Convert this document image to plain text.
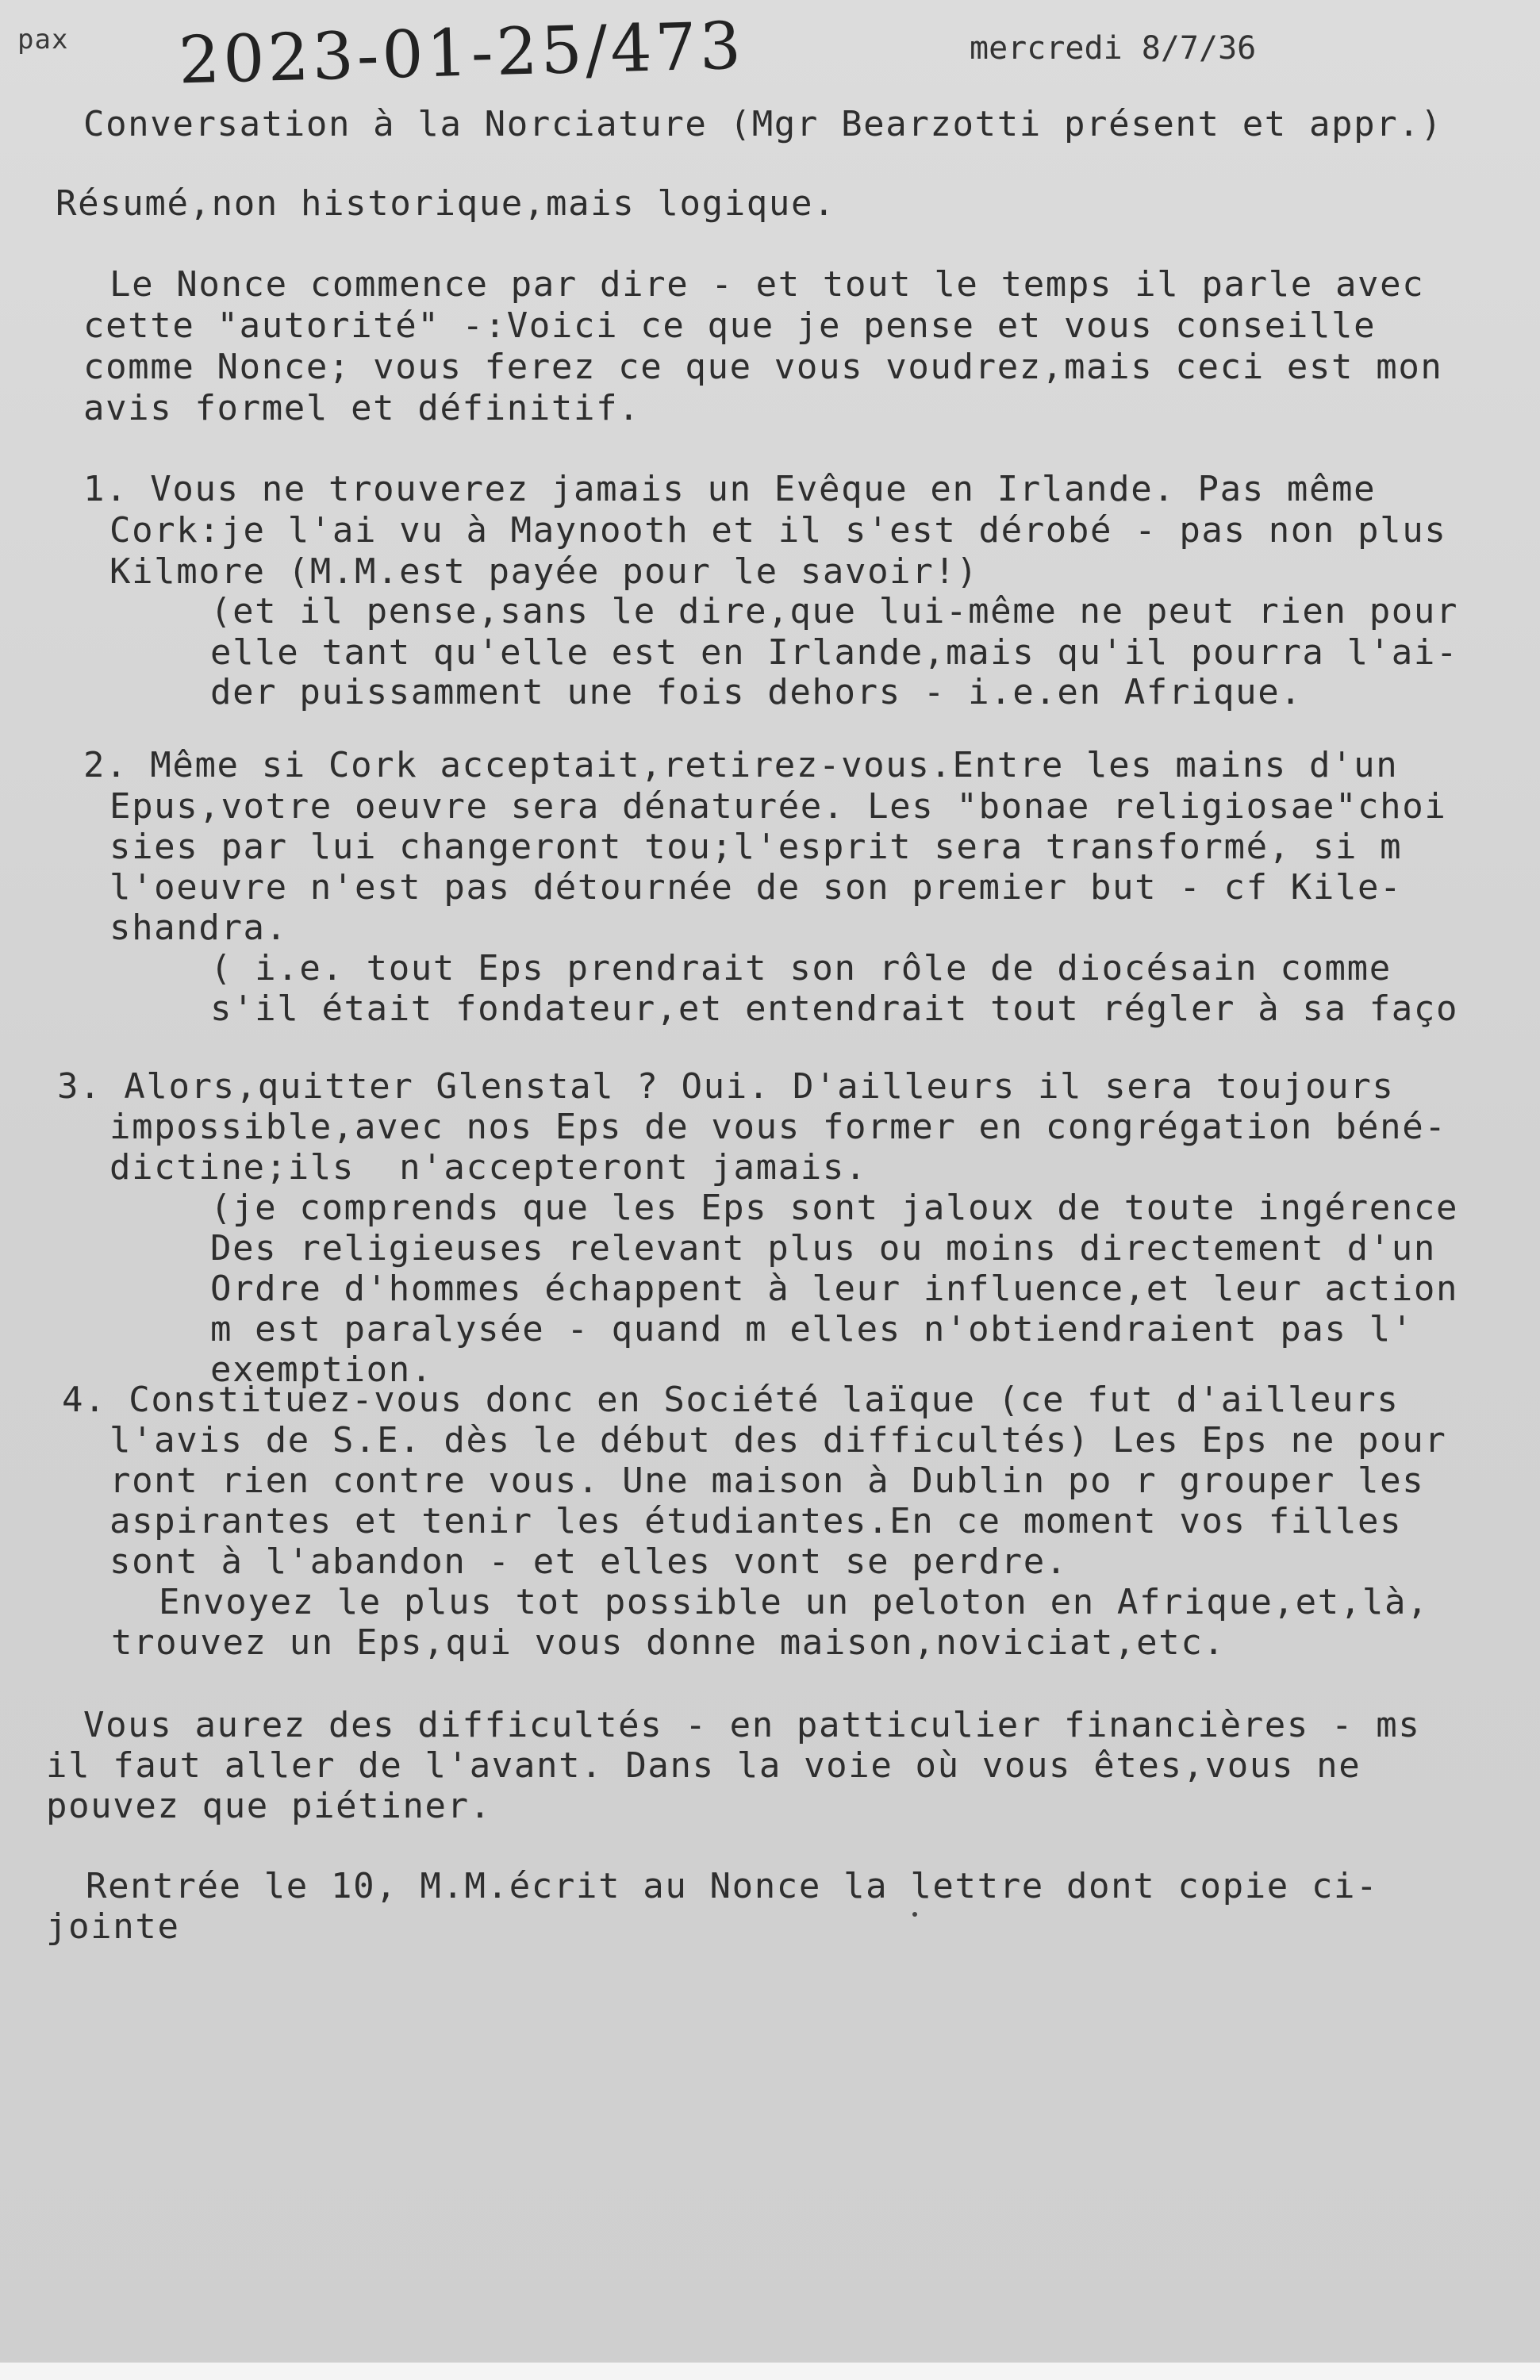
pax 2023-01-25/473	mercredi 8/7/36
Conversation à la Norciature (Mgr Bearzotti présent et appr.)
Résumé,non historique,mais logique.
Le Nonce commence par dire - et tout le temps il parle avec
cette "autorité" -:Voici ce que je pense et vous conseille
comme Nonce; vous ferez ce que vous voudrez,mais ceci est mon
avis formel et définitif.
1. Vous ne trouverez jamais un Evêque en Irlande. Pas même
Cork:je l'ai vu à Maynooth et il s'est dérobé - pas non plus
Kilmore (M.M.est payée pour le savoir!)
(et il pense,sans le dire,que lui-même ne peut rien pour
elle tant qu'elle est en Irlande,mais qu'il pourra l'ai-
der puissamment une fois dehors - i.e.en Afrique.
2. Même si Cork acceptait,retirez-vous.Entre les mains d'un
Epus,votre oeuvre sera dénaturée. Les "bonae religiosae"choi
sies par lui changeront tou;l'esprit sera transformé, si m
l'oeuvre n'est pas détournée de son premier but - cf Kile-
shandra.
( i.e. tout Eps prendrait son rôle de diocésain comme
s'il était fondateur,et entendrait tout régler à sa faço
3. Alors,quitter Glenstal ? Oui. D'ailleurs il sera toujours
impossible,avec nos Eps de vous former en congrégation béné-
dictine;ils  n'accepteront jamais.
(je comprends que les Eps sont jaloux de toute ingérence
Des religieuses relevant plus ou moins directement d'un
Ordre d'hommes échappent à leur influence,et leur action
m est paralysée - quand m elles n'obtiendraient pas l'
exemption.
4. Constituez-vous donc en Société laïque (ce fut d'ailleurs
l'avis de S.E. dès le début des difficultés) Les Eps ne pour
ront rien contre vous. Une maison à Dublin po r grouper les
aspirantes et tenir les étudiantes.En ce moment vos filles
sont à l'abandon - et elles vont se perdre.
Envoyez le plus tot possible un peloton en Afrique,et,là,
trouvez un Eps,qui vous donne maison,noviciat,etc.
Vous aurez des difficultés - en patticulier financières - ms
il faut aller de l'avant. Dans la voie où vous êtes,vous ne
pouvez que piétiner.
Rentrée le 10, M.M.écrit au Nonce la lettre dont copie ci-
jointe
